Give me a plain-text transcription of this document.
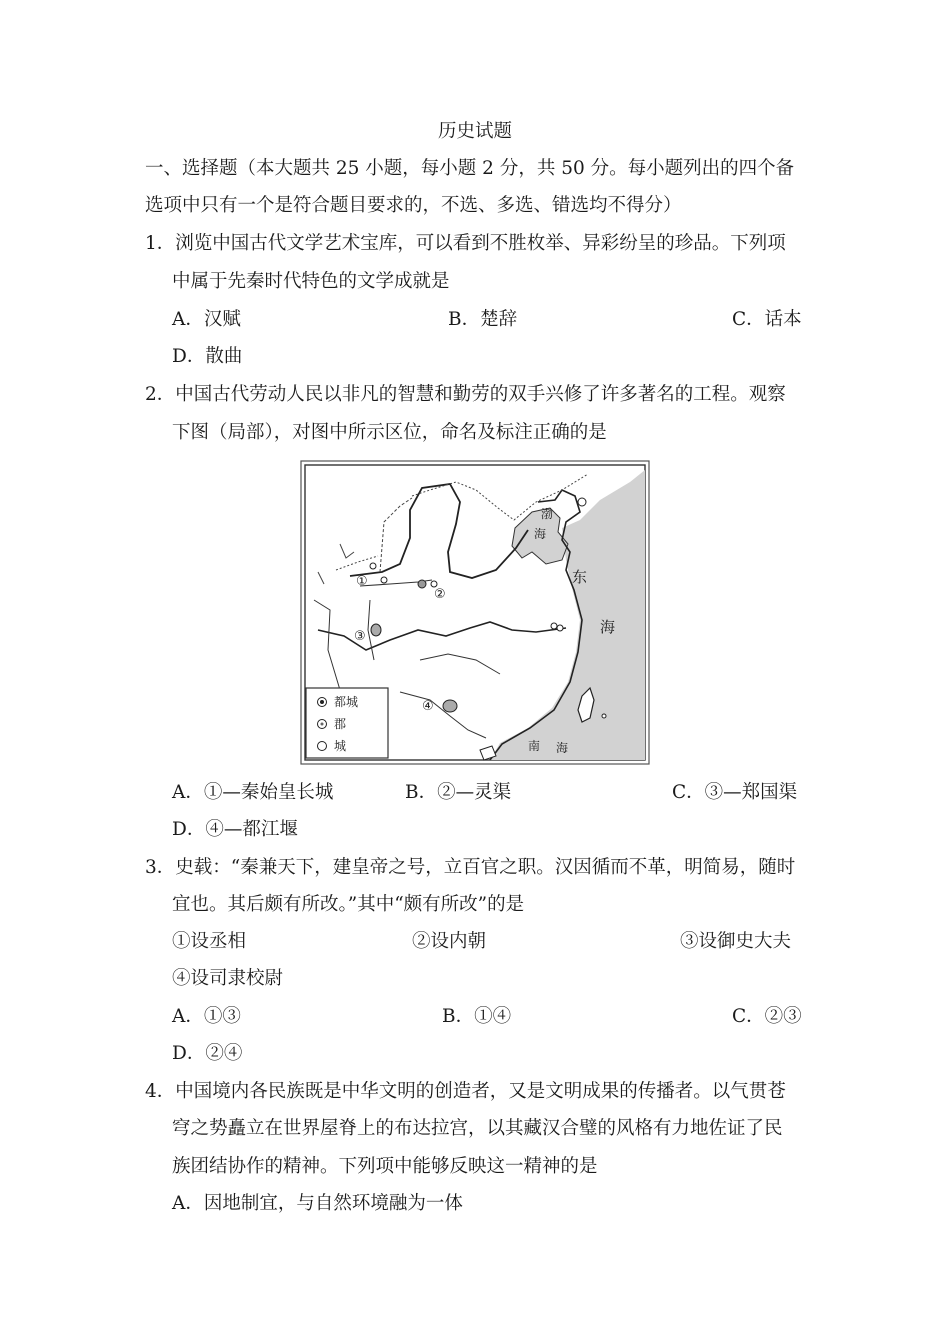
历史试题
一、选择题（本大题共 25 小题，每小题 2 分，共 50 分。每小题列出的四个备
选项中只有一个是符合题目要求的，不选、多选、错选均不得分）
1．浏览中国古代文学艺术宝库，可以看到不胜枚举、异彩纷呈的珍品。下列项
中属于先秦时代特色的文学成就是
A．汉赋	B．楚辞	C．话本
D．散曲
2．中国古代劳动人民以非凡的智慧和勤劳的双手兴修了许多著名的工程。观察
下图（局部），对图中所示区位，命名及标注正确的是
渤
海
东
海
南 海
①
②
③
④
都城
郡
城
A．①—秦始皇长城	B．②—灵渠	C．③—郑国渠
D．④—都江堰
3．史载：“秦兼天下，建皇帝之号，立百官之职。汉因循而不革，明简易，随时
宜也。其后颇有所改。”其中“颇有所改”的是
①设丞相	②设内朝	③设御史大夫
④设司隶校尉
A．①③	B．①④	C．②③
D．②④
4．中国境内各民族既是中华文明的创造者，又是文明成果的传播者。以气贯苍
穹之势矗立在世界屋脊上的布达拉宫，以其藏汉合璧的风格有力地佐证了民
族团结协作的精神。下列项中能够反映这一精神的是
A．因地制宜，与自然环境融为一体
